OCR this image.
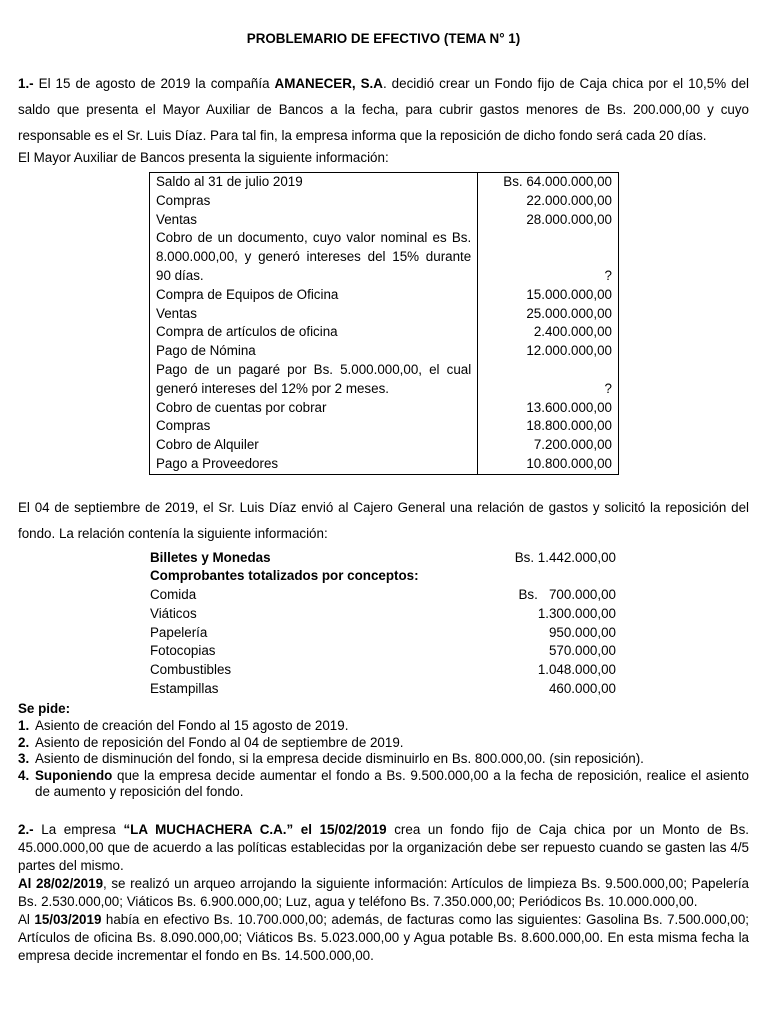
PROBLEMARIO DE EFECTIVO (TEMA N° 1)

1.- El 15 de agosto de 2019 la compañía AMANECER, S.A. decidió crear un Fondo fijo de Caja chica por el 10,5% del saldo que presenta el Mayor Auxiliar de Bancos a la fecha, para cubrir gastos menores de Bs. 200.000,00 y cuyo responsable es el Sr. Luis Díaz. Para tal fin, la empresa informa que la reposición de dicho fondo será cada 20 días.

El Mayor Auxiliar de Bancos presenta la siguiente información:

Saldo al 31 de julio 2019	Bs. 64.000.000,00
Compras	22.000.000,00
Ventas	28.000.000,00
Cobro de un documento, cuyo valor nominal es Bs. 8.000.000,00, y generó intereses del 15% durante 90 días.	?
Compra de Equipos de Oficina	15.000.000,00
Ventas	25.000.000,00
Compra de artículos de oficina	2.400.000,00
Pago de Nómina	12.000.000,00
Pago de un pagaré por Bs. 5.000.000,00, el cual generó intereses del 12% por 2 meses.	?
Cobro de cuentas por cobrar	13.600.000,00
Compras	18.800.000,00
Cobro de Alquiler	7.200.000,00
Pago a Proveedores	10.800.000,00

El 04 de septiembre de 2019, el Sr. Luis Díaz envió al Cajero General una relación de gastos y solicitó la reposición del fondo. La relación contenía la siguiente información:

Billetes y Monedas	Bs. 1.442.000,00
Comprobantes totalizados por conceptos:	
Comida	Bs.   700.000,00
Viáticos	1.300.000,00
Papelería	950.000,00
Fotocopias	570.000,00
Combustibles	1.048.000,00
Estampillas	460.000,00
Se pide:
1. Asiento de creación del Fondo al 15 agosto de 2019.
2. Asiento de reposición del Fondo al 04 de septiembre de 2019.
3. Asiento de disminución del fondo, si la empresa decide disminuirlo en Bs. 800.000,00. (sin reposición).
4. Suponiendo que la empresa decide aumentar el fondo a Bs. 9.500.000,00 a la fecha de reposición, realice el asiento de aumento y reposición del fondo.

2.- La empresa “LA MUCHACHERA C.A.” el 15/02/2019 crea un fondo fijo de Caja chica por un Monto de Bs. 45.000.000,00 que de acuerdo a las políticas establecidas por la organización debe ser repuesto cuando se gasten las 4/5 partes del mismo.

Al 28/02/2019, se realizó un arqueo arrojando la siguiente información: Artículos de limpieza Bs. 9.500.000,00; Papelería Bs. 2.530.000,00; Viáticos Bs. 6.900.000,00; Luz, agua y teléfono Bs. 7.350.000,00; Periódicos Bs. 10.000.000,00.

Al 15/03/2019 había en efectivo Bs. 10.700.000,00; además, de facturas como las siguientes: Gasolina Bs. 7.500.000,00; Artículos de oficina Bs. 8.090.000,00; Viáticos Bs. 5.023.000,00 y Agua potable Bs. 8.600.000,00. En esta misma fecha la empresa decide incrementar el fondo en Bs. 14.500.000,00.
